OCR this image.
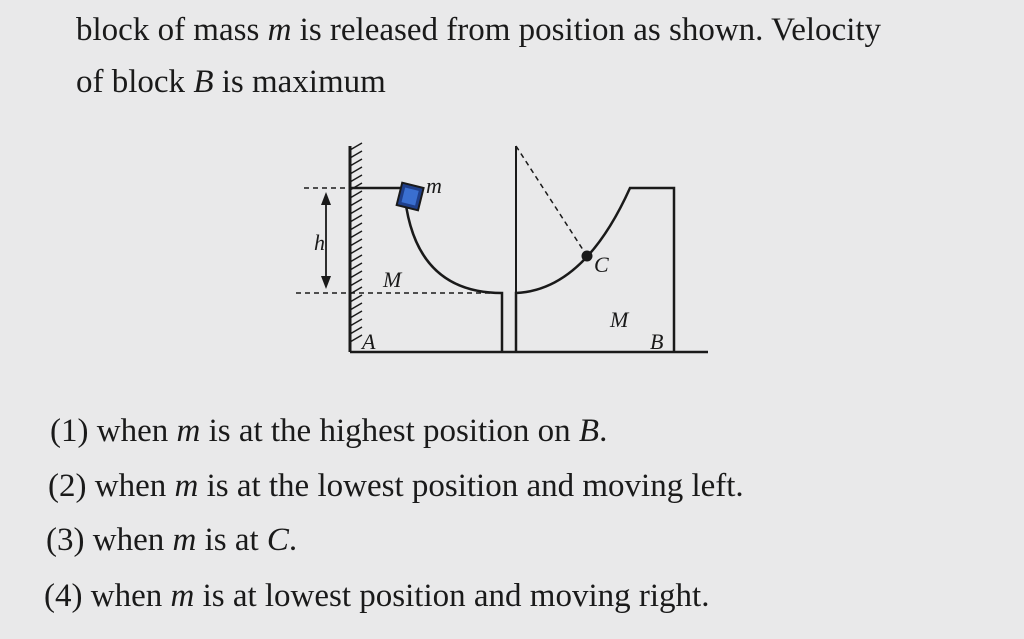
block of mass m is released from position as shown. Velocity
of block B is maximum
h
m
C
M
A
M
B
(1) when m is at the highest position on B.
(2) when m is at the lowest position and moving left.
(3) when m is at C.
(4) when m is at lowest position and moving right.
